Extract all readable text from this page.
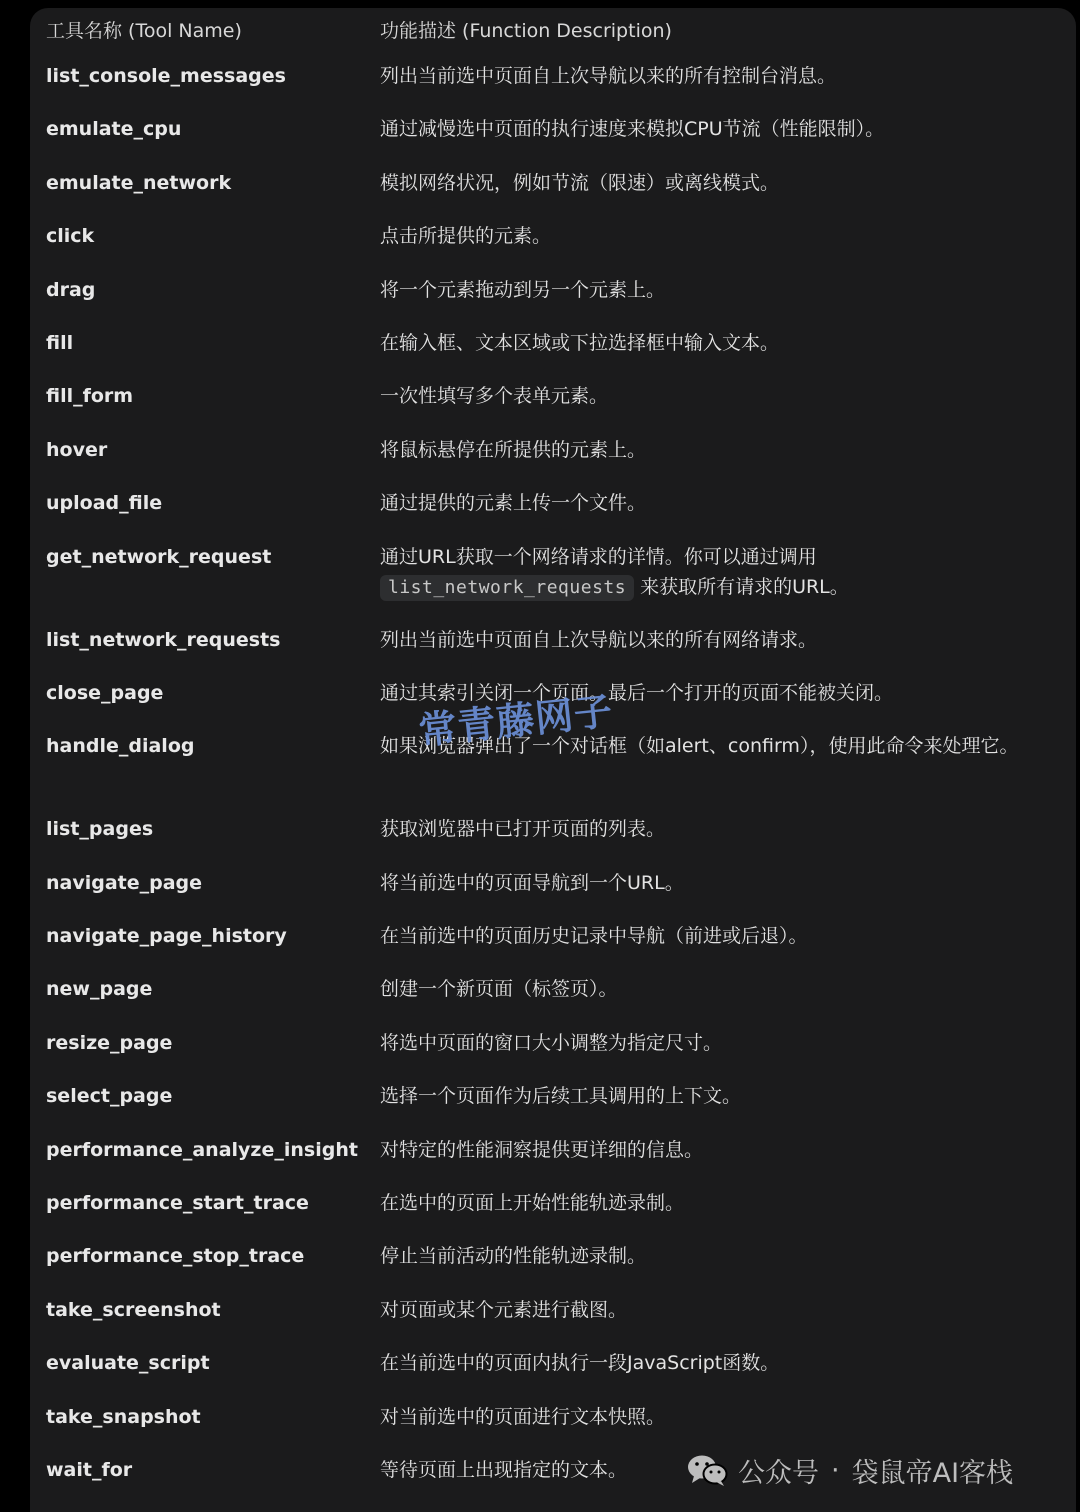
工具名称 (Tool Name)	功能描述 (Function Description)
list_console_messages	列出当前选中页面自上次导航以来的所有控制台消息。
emulate_cpu	通过减慢选中页面的执行速度来模拟CPU节流（性能限制）。
emulate_network	模拟网络状况，例如节流（限速）或离线模式。
click	点击所提供的元素。
drag	将一个元素拖动到另一个元素上。
fill	在输入框、文本区域或下拉选择框中输入文本。
fill_form	一次性填写多个表单元素。
hover	将鼠标悬停在所提供的元素上。
upload_file	通过提供的元素上传一个文件。
get_network_request	通过URL获取一个网络请求的详情。你可以通过调用
list_network_requests 来获取所有请求的URL。
list_network_requests	列出当前选中页面自上次导航以来的所有网络请求。
close_page	通过其索引关闭一个页面。最后一个打开的页面不能被关闭。
handle_dialog	如果浏览器弹出了一个对话框（如alert、confirm），使用此命令来处理它。
list_pages	获取浏览器中已打开页面的列表。
navigate_page	将当前选中的页面导航到一个URL。
navigate_page_history	在当前选中的页面历史记录中导航（前进或后退）。
new_page	创建一个新页面（标签页）。
resize_page	将选中页面的窗口大小调整为指定尺寸。
select_page	选择一个页面作为后续工具调用的上下文。
performance_analyze_insight	对特定的性能洞察提供更详细的信息。
performance_start_trace	在选中的页面上开始性能轨迹录制。
performance_stop_trace	停止当前活动的性能轨迹录制。
take_screenshot	对页面或某个元素进行截图。
evaluate_script	在当前选中的页面内执行一段JavaScript函数。
take_snapshot	对当前选中的页面进行文本快照。
wait_for	等待页面上出现指定的文本。
常青藤网子
公众号 · 袋鼠帝AI客栈
